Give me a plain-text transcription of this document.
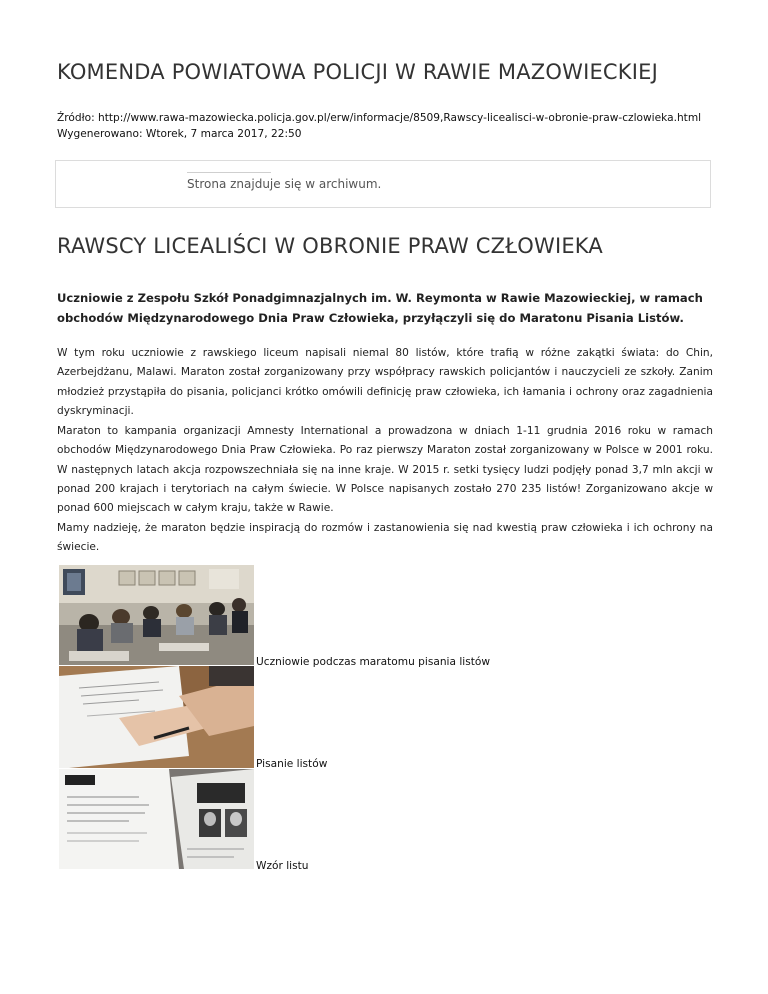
KOMENDA POWIATOWA POLICJI W RAWIE MAZOWIECKIEJ
Źródło: http://www.rawa-mazowiecka.policja.gov.pl/erw/informacje/8509,Rawscy-licealisci-w-obronie-praw-czlowieka.html
Wygenerowano: Wtorek, 7 marca 2017, 22:50
Strona znajduje się w archiwum.
RAWSCY LICEALIŚCI W OBRONIE PRAW CZŁOWIEKA

Uczniowie z Zespołu Szkół Ponadgimnazjalnych im. W. Reymonta w Rawie Mazowieckiej, w ramach obchodów Międzynarodowego Dnia Praw Człowieka, przyłączyli się do Maratonu Pisania Listów.

W tym roku uczniowie z rawskiego liceum napisali niemal 80 listów, które trafią w różne zakątki świata: do Chin, Azerbejdżanu, Malawi. Maraton został zorganizowany przy współpracy rawskich policjantów i nauczycieli ze szkoły. Zanim młodzież przystąpiła do pisania, policjanci krótko omówili definicję praw człowieka, ich łamania i ochrony oraz zagadnienia dyskryminacji.

Maraton to kampania organizacji Amnesty International a prowadzona w dniach 1-11 grudnia 2016 roku w ramach obchodów Międzynarodowego Dnia Praw Człowieka. Po raz pierwszy Maraton został zorganizowany w Polsce w 2001 roku. W następnych latach akcja rozpowszechniała się na inne kraje. W 2015 r. setki tysięcy ludzi podjęły ponad 3,7 mln akcji w ponad 200 krajach i terytoriach na całym świecie. W Polsce napisanych zostało 270 235 listów! Zorganizowano akcje w ponad 600 miejscach w całym kraju, także w Rawie.

Mamy nadzieję, że maraton będzie inspiracją do rozmów i zastanowienia się nad kwestią praw człowieka i ich ochrony na świecie.

Uczniowie podczas maratomu pisania listów
Pisanie listów
Wzór listu
